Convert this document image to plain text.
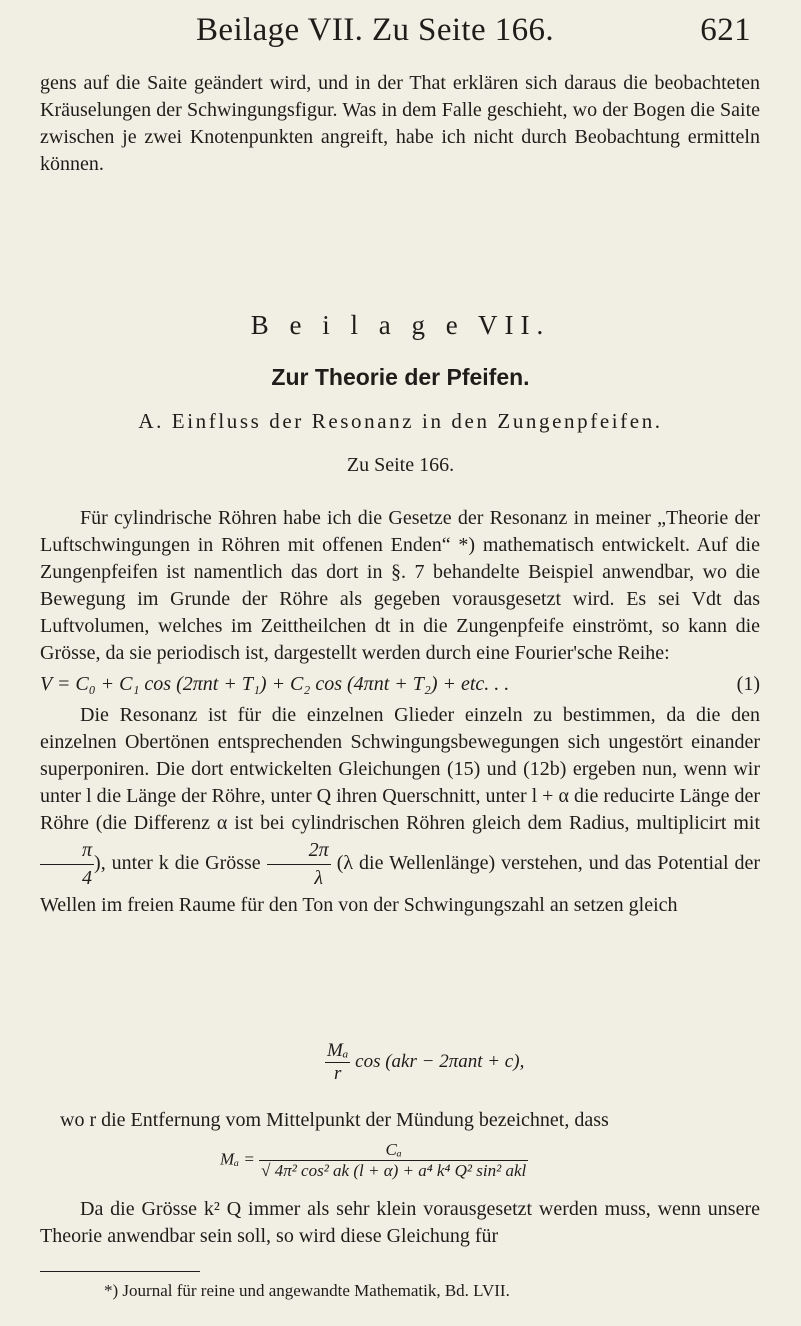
Beilage VII. Zu Seite 166.	621

gens auf die Saite geändert wird, und in der That erklären sich daraus die beobachteten Kräuselungen der Schwingungsfigur. Was in dem Falle geschieht, wo der Bogen die Saite zwischen je zwei Knotenpunkten angreift, habe ich nicht durch Beobachtung ermitteln können.

B e i l a g e VII.

Zur Theorie der Pfeifen.

A. Einfluss der Resonanz in den Zungenpfeifen.

Zu Seite 166.

Für cylindrische Röhren habe ich die Gesetze der Resonanz in meiner „Theorie der Luftschwingungen in Röhren mit offenen Enden“ *) mathematisch entwickelt. Auf die Zungenpfeifen ist namentlich das dort in §. 7 behandelte Beispiel anwendbar, wo die Bewegung im Grunde der Röhre als gegeben vorausgesetzt wird. Es sei Vdt das Luftvolumen, welches im Zeittheilchen dt in die Zungenpfeife einströmt, so kann die Grösse, da sie periodisch ist, dargestellt werden durch eine Fourier'sche Reihe:

V = C₀ + C₁ cos (2πnt + T₁) + C₂ cos (4πnt + T₂) + etc. . .	(1)

Die Resonanz ist für die einzelnen Glieder einzeln zu bestimmen, da die den einzelnen Obertönen entsprechenden Schwingungsbewegungen sich ungestört einander superponiren. Die dort entwickelten Gleichungen (15) und (12b) ergeben nun, wenn wir unter l die Länge der Röhre, unter Q ihren Querschnitt, unter l + α die reducirte Länge der Röhre (die Differenz α ist bei cylindrischen Röhren gleich dem Radius, multiplicirt mit
$\frac{\pi}{4}$ ), unter k die Grösse $\frac{2\pi}{\lambda} (\lambda$ die Wellenlänge) verstehen, und das Potential der Wellen im freien Raume für den Ton von der Schwingungszahl an setzen gleich

$\frac{\text{Mₐ}}{r}$ cos (akr − 2πant + c),

wo r die Entfernung vom Mittelpunkt der Mündung bezeichnet, dass

$M_a = \frac{\text{Cₐ}}{\text{√ 4π² cos² ak (l + α) + a⁴ k⁴ Q² sin² akl}}$

Da die Grösse k² Q immer als sehr klein vorausgesetzt werden muss, wenn unsere Theorie anwendbar sein soll, so wird diese Gleichung für

*) Journal für reine und angewandte Mathematik, Bd. LVII.
